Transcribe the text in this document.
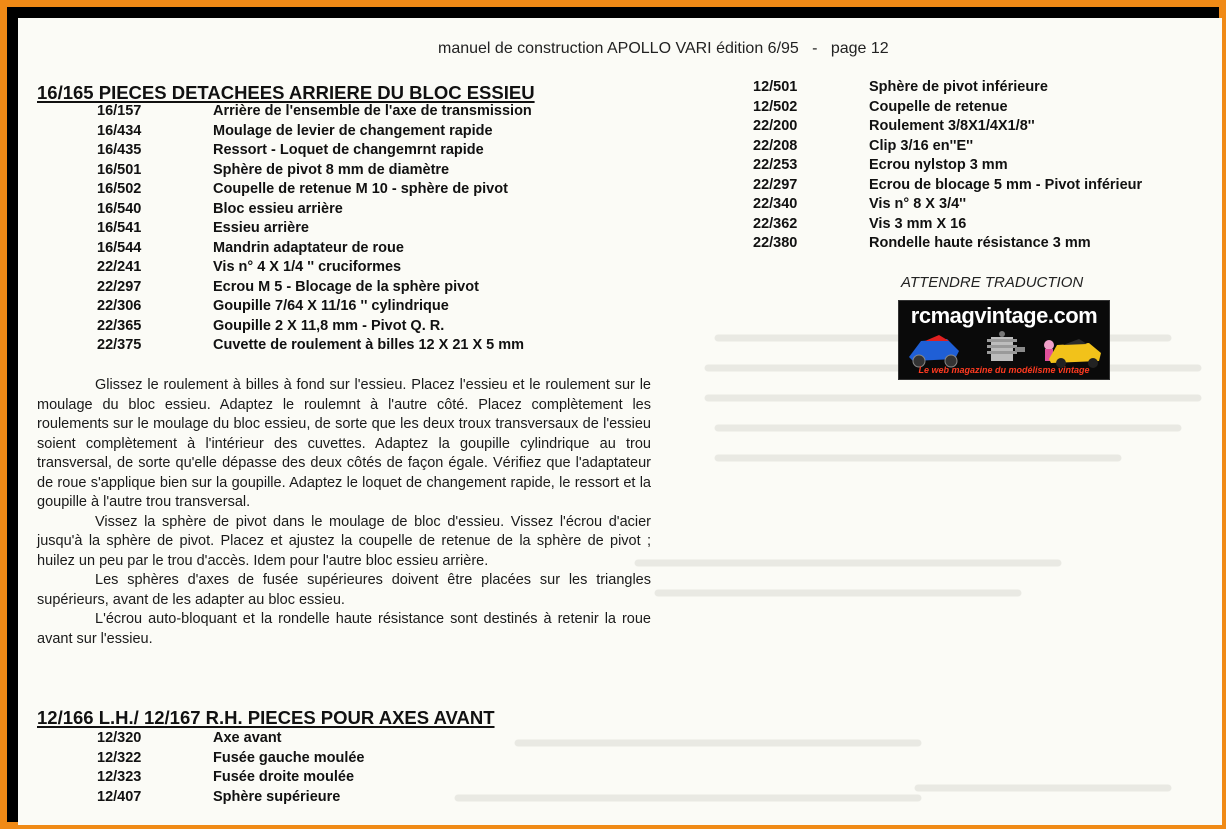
manuel de construction APOLLO VARI édition 6/95 - page 12
16/165 PIECES DETACHEES ARRIERE DU BLOC ESSIEU
16/157	Arrière de l'ensemble de l'axe de transmission
16/434	Moulage de levier de changement rapide
16/435	Ressort - Loquet de changemrnt rapide
16/501	Sphère de pivot 8 mm de diamètre
16/502	Coupelle de retenue M 10 - sphère de pivot
16/540	Bloc essieu arrière
16/541	Essieu arrière
16/544	Mandrin adaptateur de roue
22/241	Vis n° 4 X 1/4 '' cruciformes
22/297	Ecrou M 5 - Blocage de la sphère pivot
22/306	Goupille 7/64 X 11/16 '' cylindrique
22/365	Goupille 2 X 11,8 mm - Pivot Q. R.
22/375	Cuvette de roulement à billes 12 X 21 X 5 mm

Glissez le roulement à billes à fond sur l'essieu. Placez l'essieu et le roulement sur le moulage du bloc essieu. Adaptez le roulemnt à l'autre côté. Placez complètement les roulements sur le moulage du bloc essieu, de sorte que les deux troux transversaux de l'essieu soient complètement à l'intérieur des cuvettes. Adaptez la goupille cylindrique au trou transversal, de sorte qu'elle dépasse des deux côtés de façon égale. Vérifiez que l'adaptateur de roue s'applique bien sur la goupille. Adaptez le loquet de changement rapide, le ressort et la goupille à l'autre trou transversal.

Vissez la sphère de pivot dans le moulage de bloc d'essieu. Vissez l'écrou d'acier jusqu'à la sphère de pivot. Placez et ajustez la coupelle de retenue de la sphère de pivot ; huilez un peu par le trou d'accès. Idem pour l'autre bloc essieu arrière.

Les sphères d'axes de fusée supérieures doivent être placées sur les triangles supérieurs, avant de les adapter au bloc essieu.

L'écrou auto-bloquant et la rondelle haute résistance sont destinés à retenir la roue avant sur l'essieu.

12/166 L.H./ 12/167 R.H. PIECES POUR AXES AVANT
12/320	Axe avant
12/322	Fusée gauche moulée
12/323	Fusée droite moulée
12/407	Sphère supérieure
12/501	Sphère de pivot inférieure
12/502	Coupelle de retenue
22/200	Roulement 3/8X1/4X1/8''
22/208	Clip 3/16 en''E''
22/253	Ecrou nylstop 3 mm
22/297	Ecrou de blocage 5 mm - Pivot inférieur
22/340	Vis n° 8 X 3/4''
22/362	Vis 3 mm X 16
22/380	Rondelle haute résistance 3 mm
ATTENDRE TRADUCTION
rcmagvintage.com
Le web magazine du modélisme vintage
